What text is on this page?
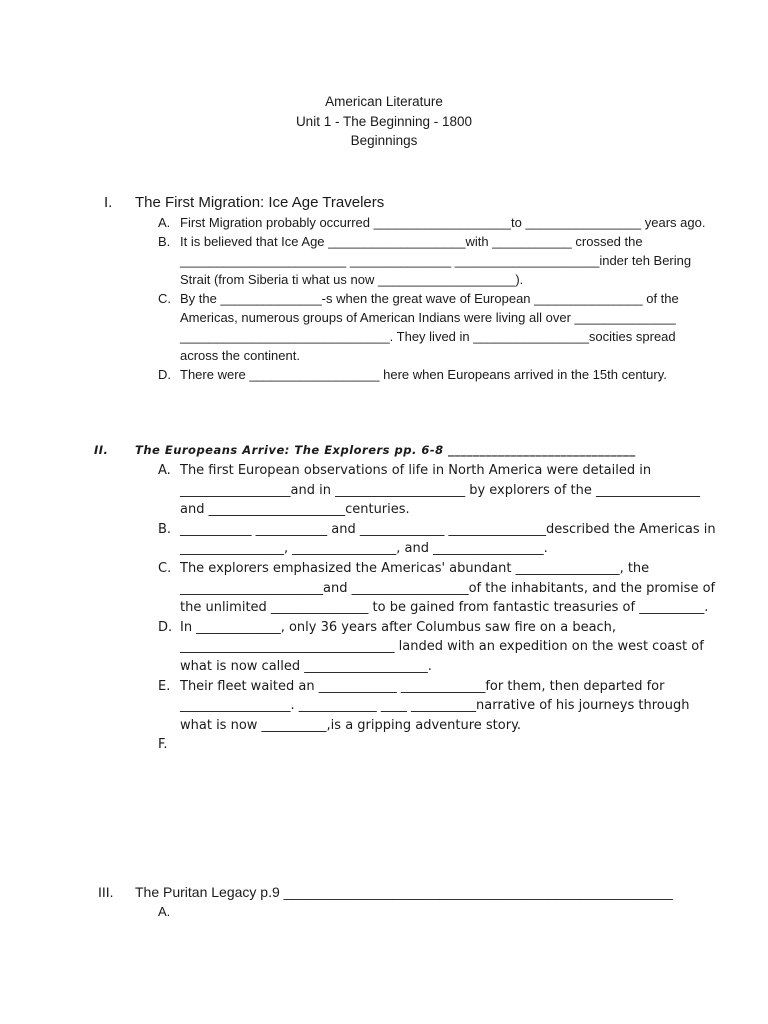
American Literature
Unit 1 - The Beginning - 1800
Beginnings
I. The First Migration: Ice Age Travelers
A. First Migration probably occurred ___________________to ________________ years ago.
B. It is believed that Ice Age ___________________with ___________ crossed the _______________________ ______________ ____________________inder teh Bering Strait (from Siberia ti what us now ___________________).
C. By the ______________-s when the great wave of European _______________ of the Americas, numerous groups of American Indians were living all over ______________ _____________________________. They lived in ________________socities spread across the continent.
D. There were __________________ here when Europeans arrived in the 15th century.
II. The Europeans Arrive: The Explorers pp. 6-8 ______________________________
A. The first European observations of life in North America were detailed in _________________and in ____________________ by explorers of the ________________ and _____________________centuries.
B. ___________ ___________ and _____________ _______________described the Americas in ________________, ________________, and _________________.
C. The explorers emphasized the Americas' abundant ________________, the ______________________and __________________of the inhabitants, and the promise of the unlimited _______________ to be gained from fantastic treasuries of __________.
D. In _____________, only 36 years after Columbus saw fire on a beach, _________________________________ landed with an expedition on the west coast of what is now called ___________________.
E. Their fleet waited an ____________ _____________for them, then departed for _________________. ____________ ____ __________narrative of his journeys through what is now __________,is a gripping adventure story.
F.
III. The Puritan Legacy p.9 __________________________________________________
A.
